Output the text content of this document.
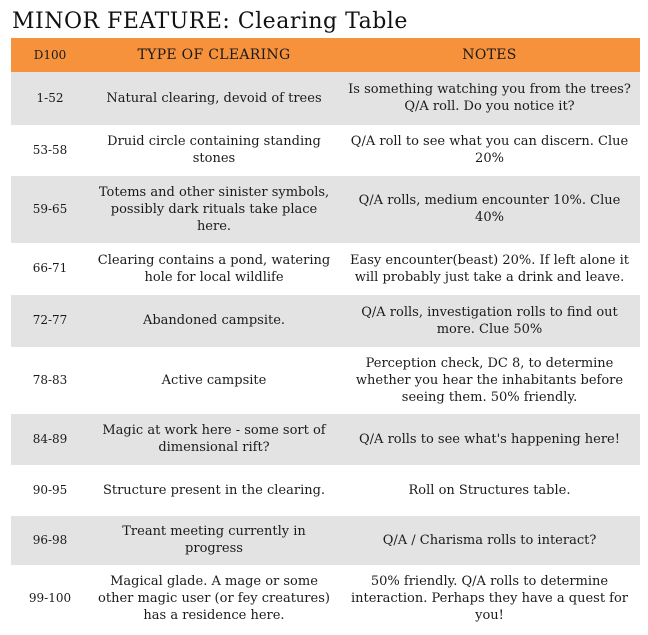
MINOR FEATURE: Clearing Table
D100	TYPE OF CLEARING	NOTES
1-52	Natural clearing, devoid of trees	Is something watching you from the trees? Q/A roll. Do you notice it?
53-58	Druid circle containing standing stones	Q/A roll to see what you can discern. Clue 20%
59-65	Totems and other sinister symbols, possibly dark rituals take place here.	Q/A rolls, medium encounter 10%. Clue 40%
66-71	Clearing contains a pond, watering hole for local wildlife	Easy encounter(beast) 20%. If left alone it will probably just take a drink and leave.
72-77	Abandoned campsite.	Q/A rolls, investigation rolls to find out more. Clue 50%
78-83	Active campsite	Perception check, DC 8, to determine whether you hear the inhabitants before seeing them. 50% friendly.
84-89	Magic at work here - some sort of dimensional rift?	Q/A rolls to see what's happening here!
90-95	Structure present in the clearing.	Roll on Structures table.
96-98	Treant meeting currently in progress	Q/A / Charisma rolls to interact?
99-100	Magical glade. A mage or some other magic user (or fey creatures) has a residence here.	50% friendly. Q/A rolls to determine interaction. Perhaps they have a quest for you!
